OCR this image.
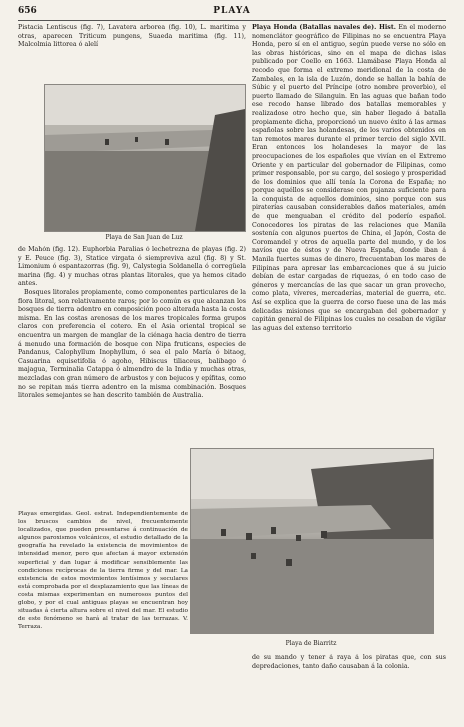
656	PLAYA

Pistacia Lentiscus (fig. 7), Lavatera arborea (fig. 10), L. maritima y otras, aparecen Triticum pungens, Suaeda maritima (fig. 11), Malcolmia littorea ó alelí

Playa de San Juan de Luz

de Mahón (fig. 12). Euphorbia Paralias ó lechetrezna de playas (fig. 2) y E. Peuce (fig. 3), Statice virgata ó siempreviva azul (fig. 8) y St. Limonium ó espantazorras (fig. 9), Calystegia Soldanella ó corregüela marina (fig. 4) y muchas otras plantas litorales, que ya hemos citado antes.

Bosques litorales propiamente, como componentes particulares de la flora litoral, son relativamente raros; por lo común es que alcanzan los bosques de tierra adentro en composición poco alterada hasta la costa misma. En las costas arenosas de los mares tropicales forma grupos claros con preferencia el cotero. En el Asia oriental tropical se encuentra un margen de manglar de la ciénaga hacia dentro de tierra á menudo una formación de bosque con Nipa fruticans, especies de Pandanus, Calophyllum Inophyllum, ó sea el palo María ó bitaog, Casuarina equisetifolia ó agoho, Hibiscus tiliaceus, balibago ó majagua, Terminalia Catappa ó almendro de la India y muchas otras, mezcladas con gran número de arbustos y con bejucos y epífitas, como no se repitan más tierra adentro en la misma combinación. Bosques litorales semejantes se han descrito también de Australia.

Playas emergidas. Geol. estrat. Independientemente de los bruscos cambios de nivel, frecuentemente localizados, que pueden presentarse á continuación de algunos paroxismos volcánicos, el estudio detallado de la geografía ha revelado la existencia de movimientos de intensidad menor, pero que afectan á mayor extensión superficial y dan lugar á modificar sensiblemente las condiciones recíprocas de la tierra firme y del mar. La existencia de estos movimientos lentísimos y seculares está comprobada por el desplazamiento que las líneas de costa mismas experimentan en numerosos puntos del globo, y por el cual antiguas playas se encuentran hoy situadas á cierta altura sobre el nivel del mar. El estudio de este fenómeno se hará al tratar de las terrazas. V. Terraza.

Playa Honda (Batallas navales de). Hist. En el moderno nomenclátor geográfico de Filipinas no se encuentra Playa Honda, pero sí en el antiguo, según puede verse no sólo en las obras históricas, sino en el mapa de dichas islas publicado por Coello en 1663. Llamábase Playa Honda al recodo que forma el extremo meridional de la costa de Zambales, en la isla de Luzón, donde se hallan la bahía de Súbic y el puerto del Príncipe (otro nombre proverbio), el puerto llamado de Silanguin. En las aguas que bañan todo ese recodo hanse librado dos batallas memorables y realizadose otro hecho que, sin haber llegado á batalla propiamente dicha, proporcionó un nuevo éxito á las armas españolas sobre las holandesas, de los varios obtenidos en tan remotos mares durante el primer tercio del siglo XVII. Eran entonces los holandeses la mayor de las preocupaciones de los españoles que vivían en el Extremo Oriente y en particular del gobernador de Filipinas, como primer responsable, por su cargo, del sosiego y prosperidad de los dominios que allí tenía la Corona de España; no porque aquéllos se considerase con pujanza suficiente para la conquista de aquellos dominios, sino porque con sus piraterías causaban considerables daños materiales, amén de que menguaban el crédito del poderío español. Conocedores los piratas de las relaciones que Manila sostenía con algunos puertos de China, el Japón, Costa de Coromandel y otros de aquella parte del mundo, y de los navíos que de éstos y de Nueva España, donde iban á Manila fuertes sumas de dinero, frecuentaban los mares de Filipinas para apresar las embarcaciones que á su juicio debían de estar cargadas de riquezas, ó en todo caso de géneros y mercancías de las que sacar un gran provecho, como plata, víveres, mercaderías, material de guerra, etc. Así se explica que la guerra de corso fuese una de las más delicadas misiones que se encargaban del gobernador y capitán general de Filipinas los cuales no cesaban de vigilar las aguas del extenso territorio

Playa de Biarritz

de su mando y tener á raya á los piratas que, con sus depredaciones, tanto daño causaban á la colonia.
